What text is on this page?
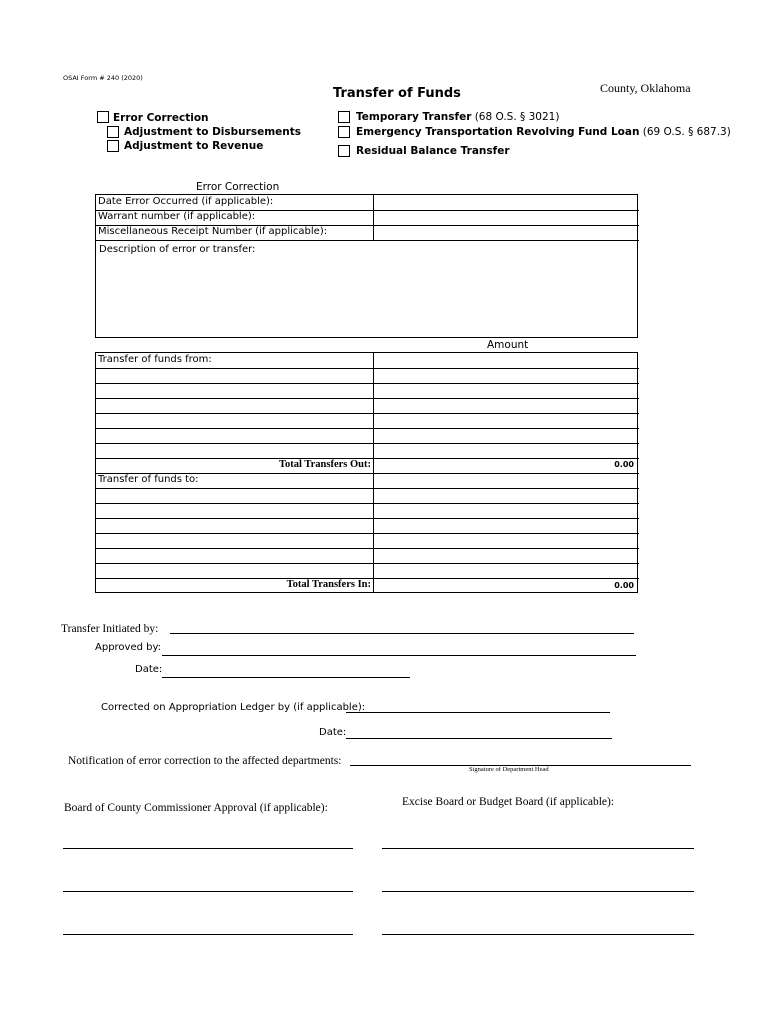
OSAI Form # 240 (2020)
Transfer of Funds	County, Oklahoma
Error Correction
Adjustment to Disbursements
Adjustment to Revenue
Temporary Transfer (68 O.S. § 3021)
Emergency Transportation Revolving Fund Loan (69 O.S. § 687.3)
Residual Balance Transfer
Error Correction
Date Error Occurred (if applicable):
Warrant number (if applicable):
Miscellaneous Receipt Number (if applicable):
Description of error or transfer:
Amount
Transfer of funds from:
Total Transfers Out:	0.00
Transfer of funds to:
Total Transfers In:	0.00
Transfer Initiated by:
Approved by:
Date:
Corrected on Appropriation Ledger by (if applicable):
Date:
Notification of error correction to the affected departments:
Signature of Department Head
Board of County Commissioner Approval (if applicable):	Excise Board or Budget Board (if applicable):
